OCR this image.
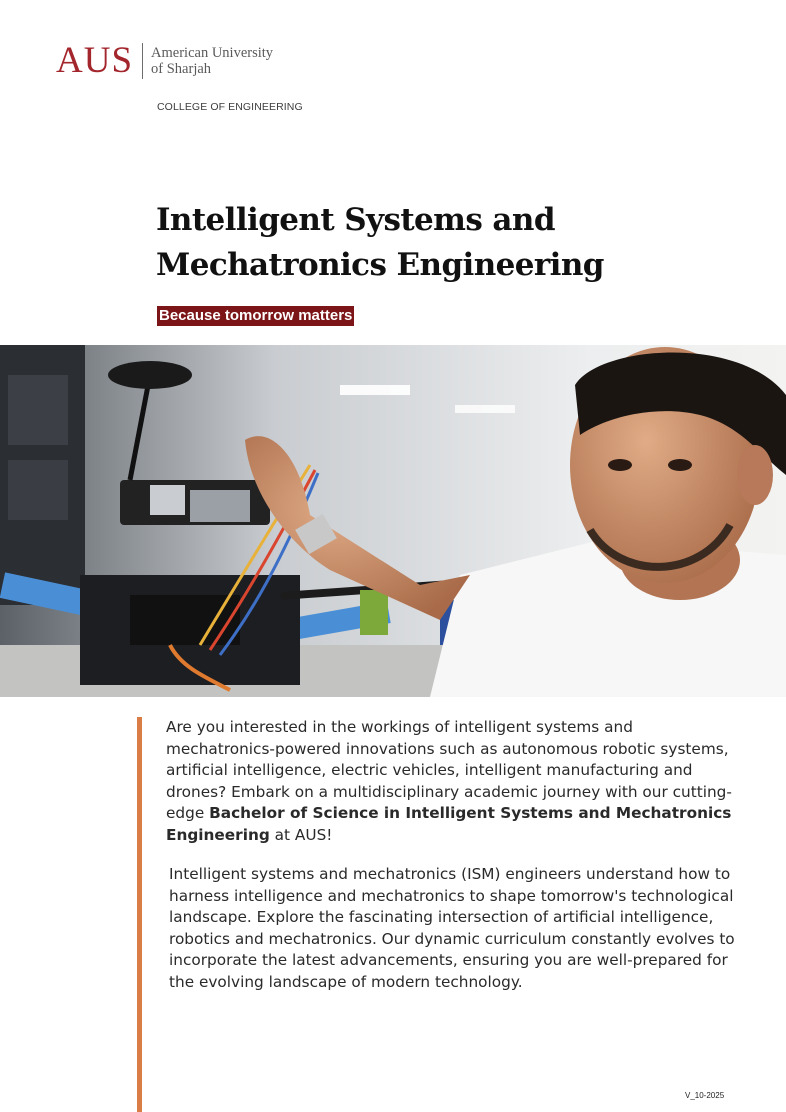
AUS American University
of Sharjah
COLLEGE OF ENGINEERING
Intelligent Systems and
Mechatronics Engineering
Because tomorrow matters

Are you interested in the workings of intelligent systems and mechatronics-powered innovations such as autonomous robotic systems, artificial intelligence, electric vehicles, intelligent manufacturing and drones? Embark on a multidisciplinary academic journey with our cutting-edge Bachelor of Science in Intelligent Systems and Mechatronics Engineering at AUS!

Intelligent systems and mechatronics (ISM) engineers understand how to harness intelligence and mechatronics to shape tomorrow's technological landscape. Explore the fascinating intersection of artificial intelligence, robotics and mechatronics. Our dynamic curriculum constantly evolves to incorporate the latest advancements, ensuring you are well-prepared for the evolving landscape of modern technology.

V_10-2025
